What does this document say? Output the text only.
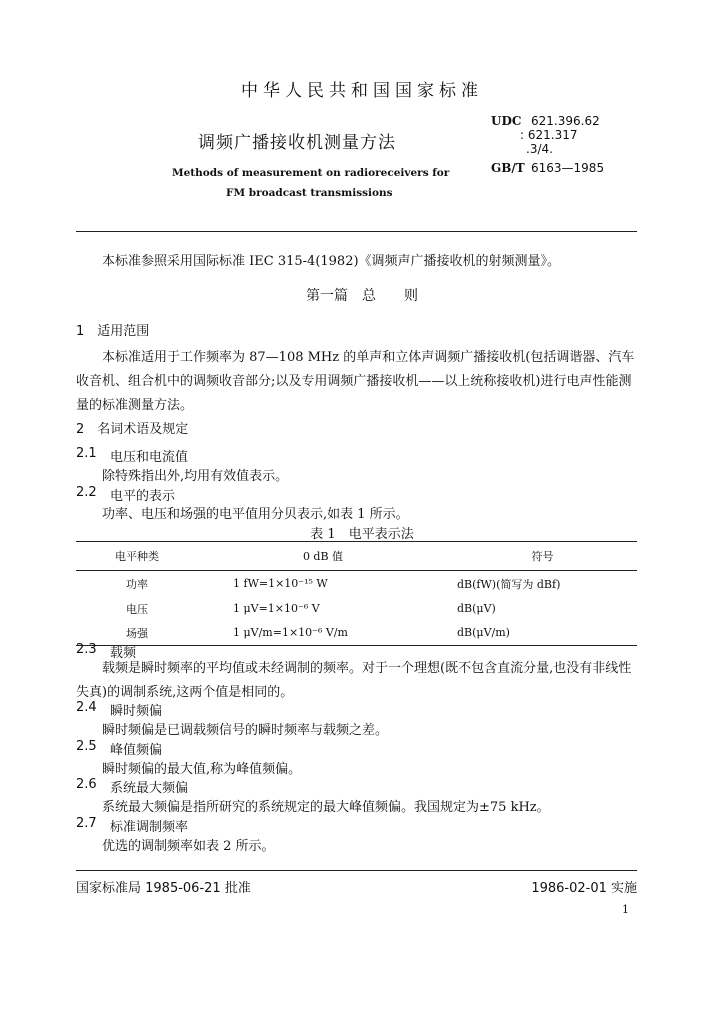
中华人民共和国国家标准
调频广播接收机测量方法
Methods of measurement on radioreceivers for
FM broadcast transmissions
UDC 621.396.62
: 621.317
.3/4.
GB/T 6163—1985
本标准参照采用国际标准 IEC 315-4(1982)《调频声广播接收机的射频测量》。
第一篇　总　　则
1　适用范围
本标准适用于工作频率为 87—108 MHz 的单声和立体声调频广播接收机(包括调谐器、汽车收音机、组合机中的调频收音部分;以及专用调频广播接收机——以上统称接收机)进行电声性能测量的标准测量方法。
2　名词术语及规定
2.1 电压和电流值
除特殊指出外,均用有效值表示。
2.2 电平的表示
功率、电压和场强的电平值用分贝表示,如表 1 所示。
表 1　电平表示法
电平种类	0 dB 值	符号
功率	1 fW=1×10⁻¹⁵ W	dB(fW)(简写为 dBf)
电压	1 μV=1×10⁻⁶ V	dB(μV)
场强	1 μV/m=1×10⁻⁶ V/m	dB(μV/m)
2.3 载频
载频是瞬时频率的平均值或未经调制的频率。对于一个理想(既不包含直流分量,也没有非线性失真)的调制系统,这两个值是相同的。
2.4 瞬时频偏
瞬时频偏是已调载频信号的瞬时频率与载频之差。
2.5 峰值频偏
瞬时频偏的最大值,称为峰值频偏。
2.6 系统最大频偏
系统最大频偏是指所研究的系统规定的最大峰值频偏。我国规定为±75 kHz。
2.7 标准调制频率
优选的调制频率如表 2 所示。
国家标准局 1985-06-21 批准	1986-02-01 实施
1
